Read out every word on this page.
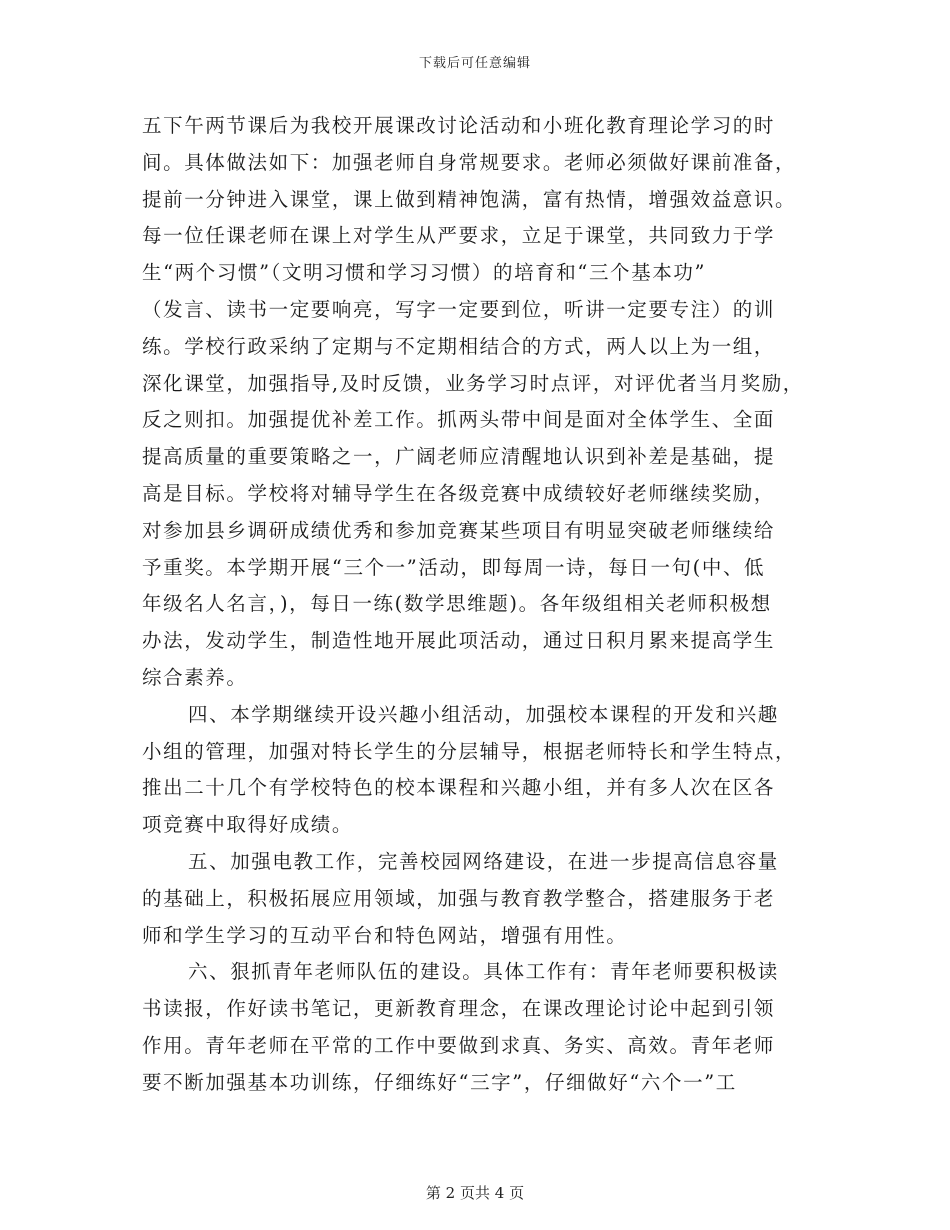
下载后可任意编辑
五下午两节课后为我校开展课改讨论活动和小班化教育理论学习的时
间。具体做法如下：加强老师自身常规要求。老师必须做好课前准备，
提前一分钟进入课堂，课上做到精神饱满，富有热情，增强效益意识。
每一位任课老师在课上对学生从严要求，立足于课堂，共同致力于学
生“两个习惯”（文明习惯和学习习惯）的培育和“三个基本功”
（发言、读书一定要响亮，写字一定要到位，听讲一定要专注）的训
练。学校行政采纳了定期与不定期相结合的方式，两人以上为一组，
深化课堂，加强指导,及时反馈，业务学习时点评，对评优者当月奖励，
反之则扣。加强提优补差工作。抓两头带中间是面对全体学生、全面
提高质量的重要策略之一，广阔老师应清醒地认识到补差是基础，提
高是目标。学校将对辅导学生在各级竞赛中成绩较好老师继续奖励，
对参加县乡调研成绩优秀和参加竞赛某些项目有明显突破老师继续给
予重奖。本学期开展“三个一”活动，即每周一诗，每日一句(中、低
年级名人名言，)，每日一练(数学思维题)。各年级组相关老师积极想
办法，发动学生，制造性地开展此项活动，通过日积月累来提高学生
综合素养。
四、本学期继续开设兴趣小组活动，加强校本课程的开发和兴趣
小组的管理，加强对特长学生的分层辅导，根据老师特长和学生特点，
推出二十几个有学校特色的校本课程和兴趣小组，并有多人次在区各
项竞赛中取得好成绩。
五、加强电教工作，完善校园网络建设，在进一步提高信息容量
的基础上，积极拓展应用领域，加强与教育教学整合，搭建服务于老
师和学生学习的互动平台和特色网站，增强有用性。
六、狠抓青年老师队伍的建设。具体工作有：青年老师要积极读
书读报，作好读书笔记，更新教育理念，在课改理论讨论中起到引领
作用。青年老师在平常的工作中要做到求真、务实、高效。青年老师
要不断加强基本功训练，仔细练好“三字”，仔细做好“六个一”工
第 2 页共 4 页
